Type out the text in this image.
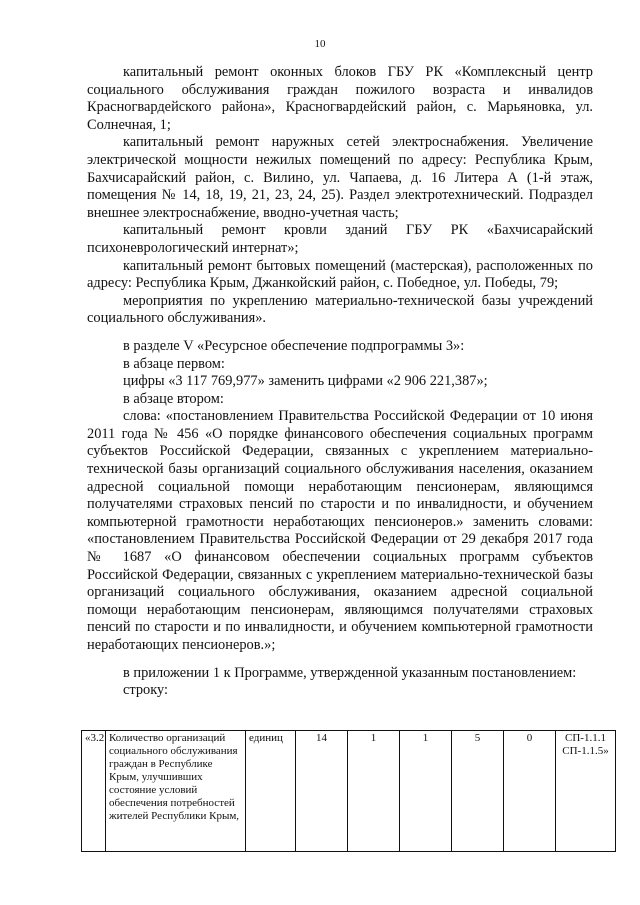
10

капитальный ремонт оконных блоков ГБУ РК «Комплексный центр социального обслуживания граждан пожилого возраста и инвалидов Красногвардейского района», Красногвардейский район, с. Марьяновка, ул. Солнечная, 1;

капитальный ремонт наружных сетей электроснабжения. Увеличение электрической мощности нежилых помещений по адресу: Республика Крым, Бахчисарайский район, с. Вилино, ул. Чапаева, д. 16 Литера А (1-й этаж, помещения № 14, 18, 19, 21, 23, 24, 25). Раздел электротехнический. Подраздел внешнее электроснабжение, вводно-учетная часть;

капитальный ремонт кровли зданий ГБУ РК «Бахчисарайский психоневрологический интернат»;

капитальный ремонт бытовых помещений (мастерская), расположенных по адресу: Республика Крым, Джанкойский район, с. Победное, ул. Победы, 79;

мероприятия по укреплению материально-технической базы учреждений социального обслуживания».

в разделе V «Ресурсное обеспечение подпрограммы 3»:

в абзаце первом:

цифры «3 117 769,977» заменить цифрами «2 906 221,387»;

в абзаце втором:

слова: «постановлением Правительства Российской Федерации от 10 июня 2011 года № 456 «О порядке финансового обеспечения социальных программ субъектов Российской Федерации, связанных с укреплением материально-технической базы организаций социального обслуживания населения, оказанием адресной социальной помощи неработающим пенсионерам, являющимся получателями страховых пенсий по старости и по инвалидности, и обучением компьютерной грамотности неработающих пенсионеров.» заменить словами: «постановлением Правительства Российской Федерации от 29 декабря 2017 года № 1687 «О финансовом обеспечении социальных программ субъектов Российской Федерации, связанных с укреплением материально-технической базы организаций социального обслуживания, оказанием адресной социальной помощи неработающим пенсионерам, являющимся получателями страховых пенсий по старости и по инвалидности, и обучением компьютерной грамотности неработающих пенсионеров.»;

в приложении 1 к Программе, утвержденной указанным постановлением:

строку:

«3.2	Количество организаций социального обслуживания граждан в Республике Крым, улучшивших состояние условий обеспечения потребностей жителей Республики Крым,	единиц	14	1	1	5	0	СП-1.1.1
СП-1.1.5»
